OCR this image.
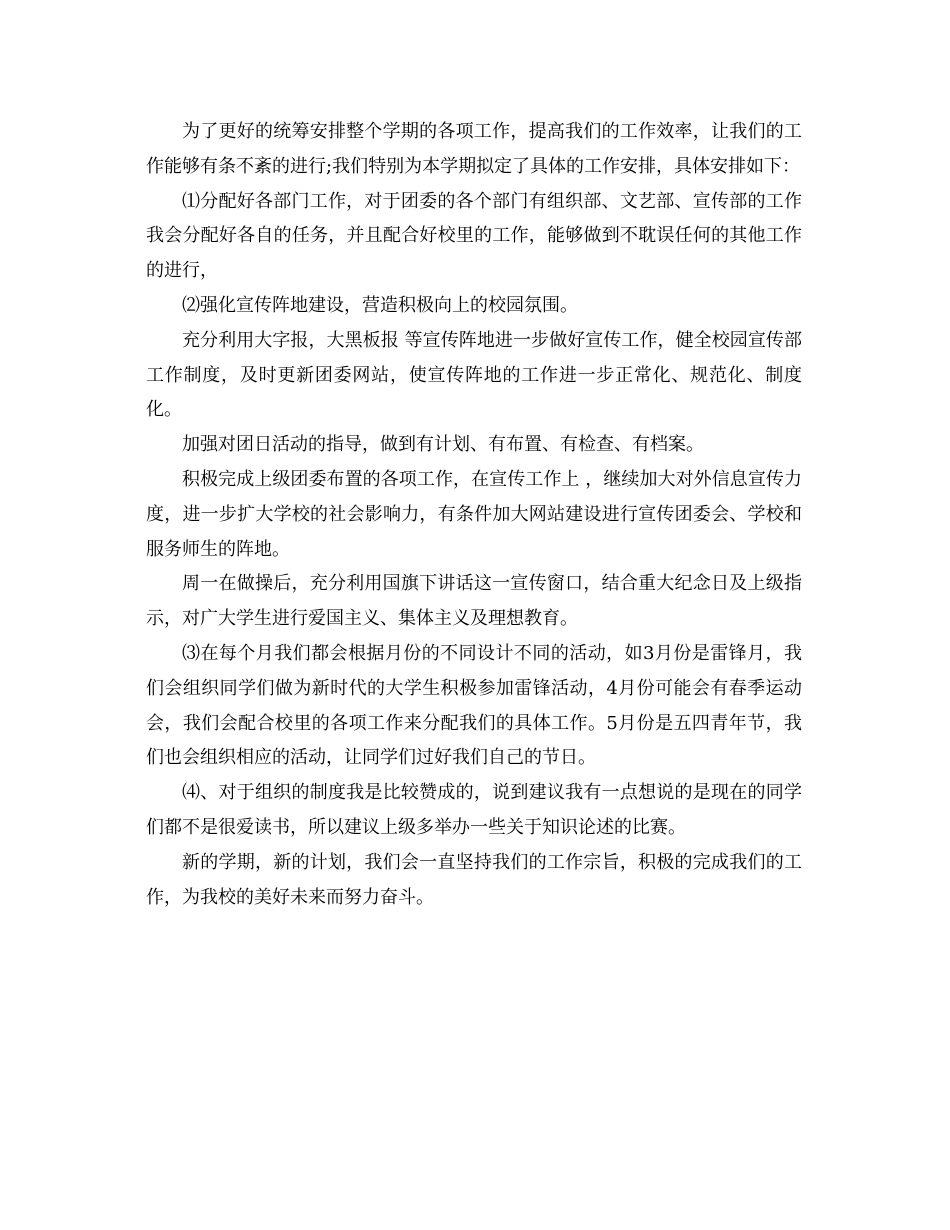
为了更好的统筹安排整个学期的各项工作，提高我们的工作效率，让我们的工作能够有条不紊的进行;我们特别为本学期拟定了具体的工作安排，具体安排如下：

⑴分配好各部门工作，对于团委的各个部门有组织部、文艺部、宣传部的工作我会分配好各自的任务，并且配合好校里的工作，能够做到不耽误任何的其他工作的进行，

⑵强化宣传阵地建设，营造积极向上的校园氛围。

充分利用大字报，大黑板报 等宣传阵地进一步做好宣传工作，健全校园宣传部工作制度，及时更新团委网站，使宣传阵地的工作进一步正常化、规范化、制度化。

加强对团日活动的指导，做到有计划、有布置、有检查、有档案。

积极完成上级团委布置的各项工作，在宣传工作上 ，继续加大对外信息宣传力度，进一步扩大学校的社会影响力，有条件加大网站建设进行宣传团委会、学校和服务师生的阵地。

周一在做操后，充分利用国旗下讲话这一宣传窗口，结合重大纪念日及上级指示，对广大学生进行爱国主义、集体主义及理想教育。

⑶在每个月我们都会根据月份的不同设计不同的活动，如3月份是雷锋月，我们会组织同学们做为新时代的大学生积极参加雷锋活动，4月份可能会有春季运动会，我们会配合校里的各项工作来分配我们的具体工作。5月份是五四青年节，我们也会组织相应的活动，让同学们过好我们自己的节日。

⑷、对于组织的制度我是比较赞成的，说到建议我有一点想说的是现在的同学们都不是很爱读书，所以建议上级多举办一些关于知识论述的比赛。

新的学期，新的计划，我们会一直坚持我们的工作宗旨，积极的完成我们的工作，为我校的美好未来而努力奋斗。
